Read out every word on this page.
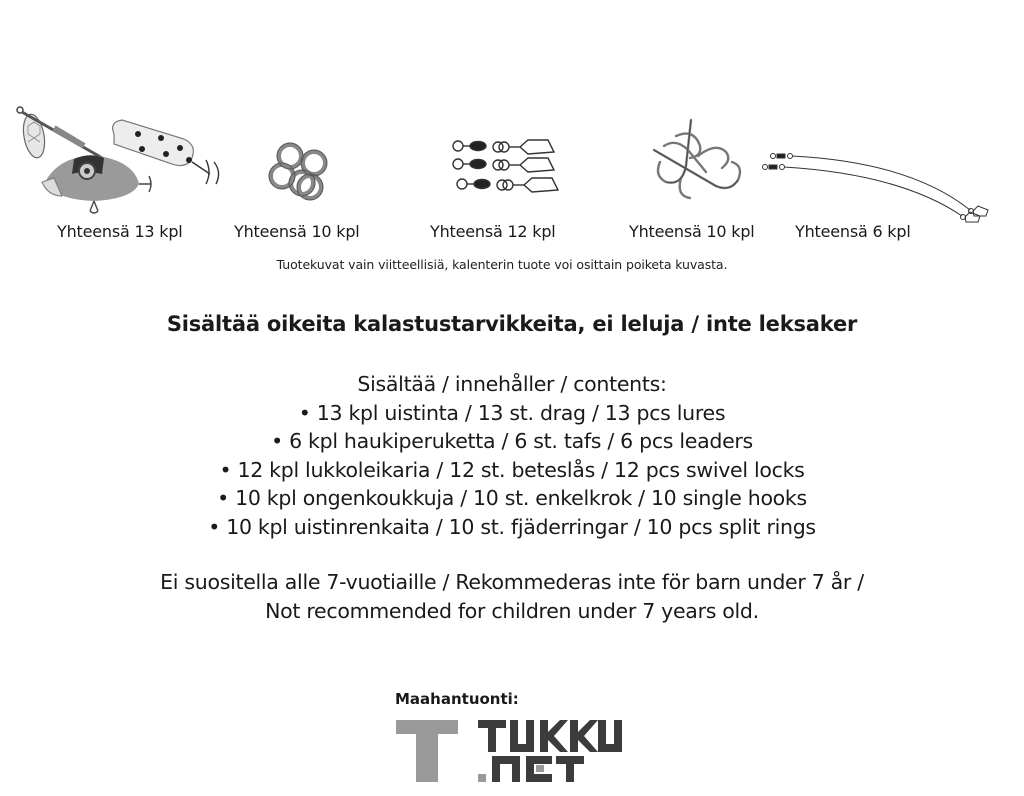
Yhteensä 13 kpl	Yhteensä 10 kpl	Yhteensä 12 kpl	Yhteensä 10 kpl	Yhteensä 6 kpl
Tuotekuvat vain viitteellisiä, kalenterin tuote voi osittain poiketa kuvasta.
Sisältää oikeita kalastustarvikkeita, ei leluja / inte leksaker
Sisältää / innehåller / contents:
• 13 kpl uistinta / 13 st. drag / 13 pcs lures
• 6 kpl haukiperuketta / 6 st. tafs / 6 pcs leaders
• 12 kpl lukkoleikaria / 12 st. beteslås / 12 pcs swivel locks
• 10 kpl ongenkoukkuja / 10 st. enkelkrok / 10 single hooks
• 10 kpl uistinrenkaita / 10 st. fjäderringar / 10 pcs split rings
Ei suositella alle 7-vuotiaille / Rekommederas inte för barn under 7 år /
Not recommended for children under 7 years old.
Maahantuonti:
